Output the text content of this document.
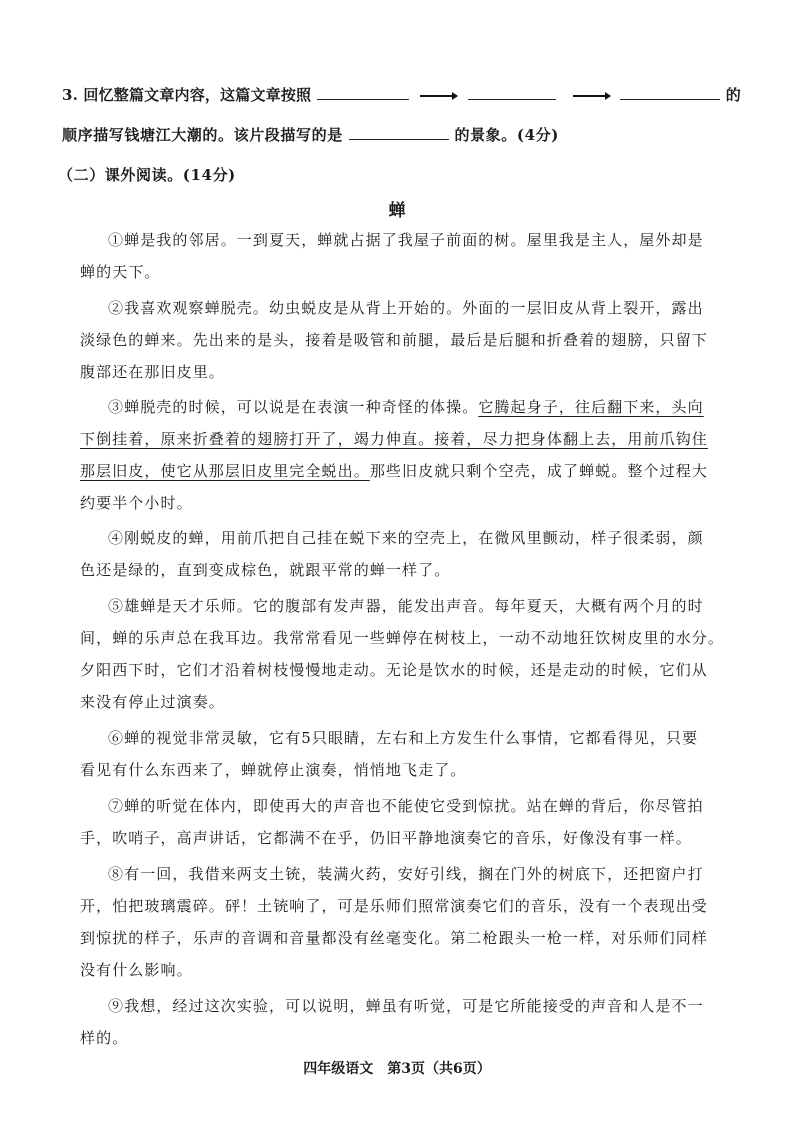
3. 回忆整篇文章内容，这篇文章按照	的
顺序描写钱塘江大潮的。该片段描写的是	的景象。(4分)
（二）课外阅读。(14分)
蝉
①蝉是我的邻居。一到夏天，蝉就占据了我屋子前面的树。屋里我是主人，屋外却是
蝉的天下。
②我喜欢观察蝉脱壳。幼虫蜕皮是从背上开始的。外面的一层旧皮从背上裂开，露出
淡绿色的蝉来。先出来的是头，接着是吸管和前腿，最后是后腿和折叠着的翅膀，只留下
腹部还在那旧皮里。
③蝉脱壳的时候，可以说是在表演一种奇怪的体操。它腾起身子，往后翻下来，头向
下倒挂着，原来折叠着的翅膀打开了，竭力伸直。接着，尽力把身体翻上去，用前爪钩住
那层旧皮，使它从那层旧皮里完全蜕出。那些旧皮就只剩个空壳，成了蝉蜕。整个过程大
约要半个小时。
④刚蜕皮的蝉，用前爪把自己挂在蜕下来的空壳上，在微风里颤动，样子很柔弱，颜
色还是绿的，直到变成棕色，就跟平常的蝉一样了。
⑤雄蝉是天才乐师。它的腹部有发声器，能发出声音。每年夏天，大概有两个月的时
间，蝉的乐声总在我耳边。我常常看见一些蝉停在树枝上，一动不动地狂饮树皮里的水分。
夕阳西下时，它们才沿着树枝慢慢地走动。无论是饮水的时候，还是走动的时候，它们从
来没有停止过演奏。
⑥蝉的视觉非常灵敏，它有5只眼睛，左右和上方发生什么事情，它都看得见，只要
看见有什么东西来了，蝉就停止演奏，悄悄地飞走了。
⑦蝉的听觉在体内，即使再大的声音也不能使它受到惊扰。站在蝉的背后，你尽管拍
手，吹哨子，高声讲话，它都满不在乎，仍旧平静地演奏它的音乐，好像没有事一样。
⑧有一回，我借来两支土铳，装满火药，安好引线，搁在门外的树底下，还把窗户打
开，怕把玻璃震碎。砰！土铳响了，可是乐师们照常演奏它们的音乐，没有一个表现出受
到惊扰的样子，乐声的音调和音量都没有丝毫变化。第二枪跟头一枪一样，对乐师们同样
没有什么影响。
⑨我想，经过这次实验，可以说明，蝉虽有听觉，可是它所能接受的声音和人是不一
样的。
四年级语文　第3页（共6页）
